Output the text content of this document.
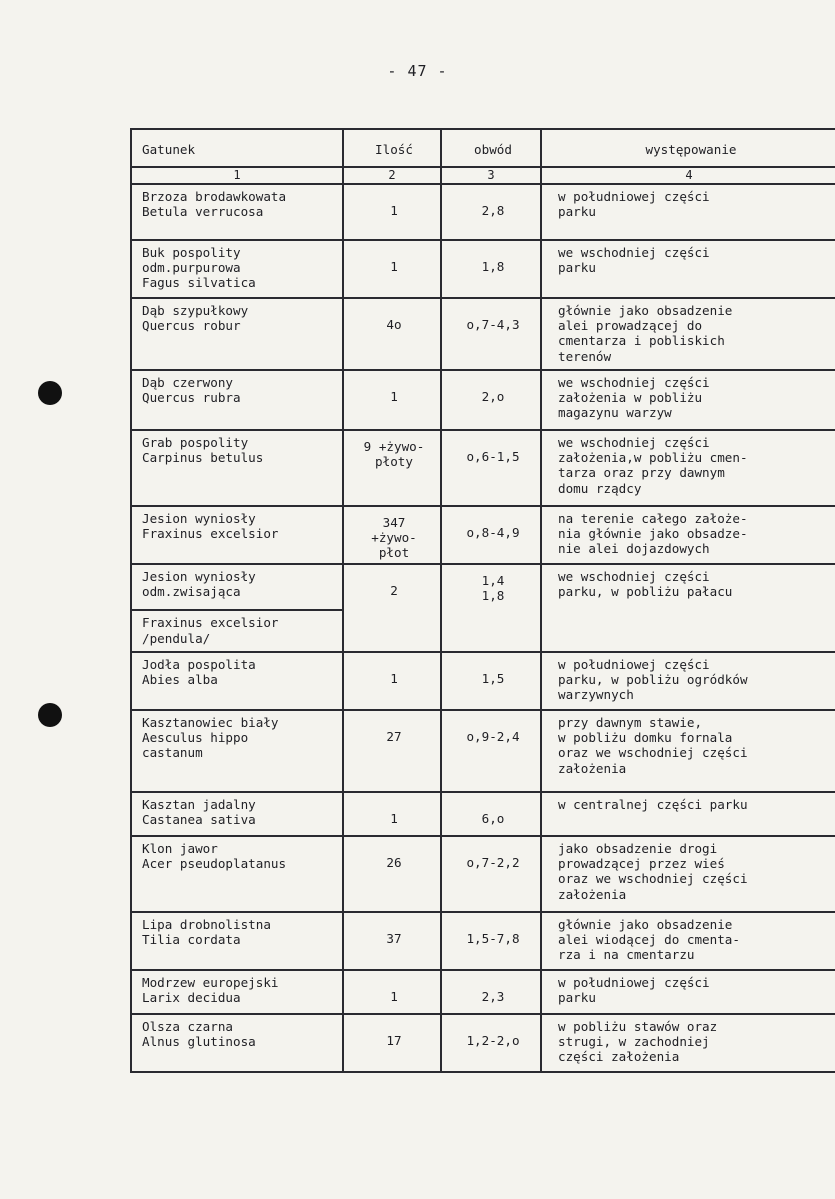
- 47 -
Gatunek	Ilość	obwód	występowanie
1	2	3	4

Brzoza brodawkowata
Betula verrucosa	1	2,8	w południowej części
parku

Buk pospolity
odm.purpurowa
Fagus silvatica	1	1,8	we wschodniej części
parku

Dąb szypułkowy
Quercus robur	4o	o,7-4,3	głównie jako obsadzenie
alei prowadzącej do
cmentarza i pobliskich
terenów

Dąb czerwony
Quercus rubra	1	2,o	we wschodniej części
założenia w pobliżu
magazynu warzyw

Grab pospolity
Carpinus betulus	9 +żywo-
płoty	o,6-1,5	we wschodniej części
założenia,w pobliżu cmen-
tarza oraz przy dawnym
domu rządcy

Jesion wyniosły
Fraxinus excelsior	347
+żywo-
płot	o,8-4,9	na terenie całego założe-
nia głównie jako obsadze-
nie alei dojazdowych

Jesion wyniosły
odm.zwisająca
Fraxinus excelsior
/pendula/	2	1,4
1,8	we wschodniej części
parku, w pobliżu pałacu

Jodła pospolita
Abies alba	1	1,5	w południowej części
parku, w pobliżu ogródków
warzywnych

Kasztanowiec biały
Aesculus hippo
castanum	27	o,9-2,4	przy dawnym stawie,
w pobliżu domku fornala
oraz we wschodniej części
założenia

Kasztan jadalny
Castanea sativa	1	6,o	w centralnej części parku

Klon jawor
Acer pseudoplatanus	26	o,7-2,2	jako obsadzenie drogi
prowadzącej przez wieś
oraz we wschodniej części
założenia

Lipa drobnolistna
Tilia cordata	37	1,5-7,8	głównie jako obsadzenie
alei wiodącej do cmenta-
rza i na cmentarzu

Modrzew europejski
Larix decidua	1	2,3	w południowej części
parku

Olsza czarna
Alnus glutinosa	17	1,2-2,o	w pobliżu stawów oraz
strugi, w zachodniej
części założenia
